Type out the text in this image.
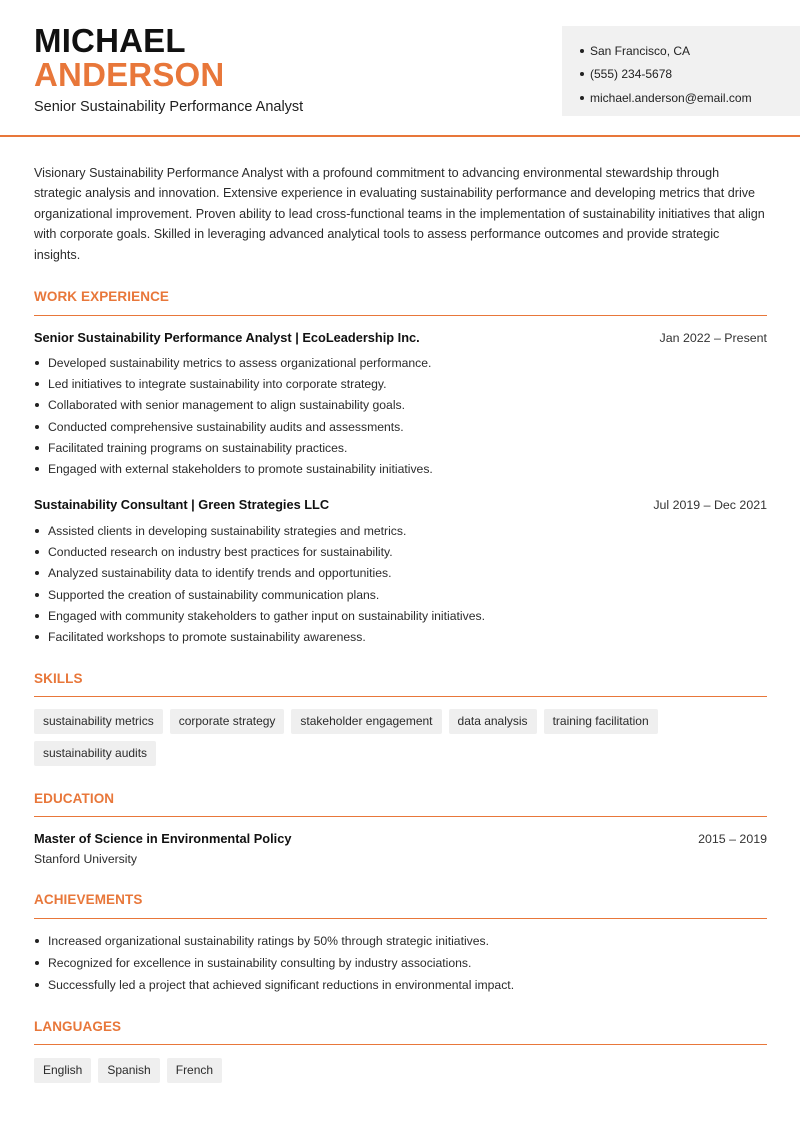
MICHAEL
ANDERSON
Senior Sustainability Performance Analyst
San Francisco, CA
(555) 234-5678
michael.anderson@email.com
Visionary Sustainability Performance Analyst with a profound commitment to advancing environmental stewardship through strategic analysis and innovation. Extensive experience in evaluating sustainability performance and developing metrics that drive organizational improvement. Proven ability to lead cross-functional teams in the implementation of sustainability initiatives that align with corporate goals. Skilled in leveraging advanced analytical tools to assess performance outcomes and provide strategic insights.
WORK EXPERIENCE
Senior Sustainability Performance Analyst | EcoLeadership Inc.	Jan 2022 – Present
Developed sustainability metrics to assess organizational performance.
Led initiatives to integrate sustainability into corporate strategy.
Collaborated with senior management to align sustainability goals.
Conducted comprehensive sustainability audits and assessments.
Facilitated training programs on sustainability practices.
Engaged with external stakeholders to promote sustainability initiatives.
Sustainability Consultant | Green Strategies LLC	Jul 2019 – Dec 2021
Assisted clients in developing sustainability strategies and metrics.
Conducted research on industry best practices for sustainability.
Analyzed sustainability data to identify trends and opportunities.
Supported the creation of sustainability communication plans.
Engaged with community stakeholders to gather input on sustainability initiatives.
Facilitated workshops to promote sustainability awareness.
SKILLS
sustainability metrics	corporate strategy	stakeholder engagement	data analysis	training facilitation
sustainability audits
EDUCATION
Master of Science in Environmental Policy	2015 – 2019
Stanford University
ACHIEVEMENTS
Increased organizational sustainability ratings by 50% through strategic initiatives.
Recognized for excellence in sustainability consulting by industry associations.
Successfully led a project that achieved significant reductions in environmental impact.
LANGUAGES
English	Spanish	French
